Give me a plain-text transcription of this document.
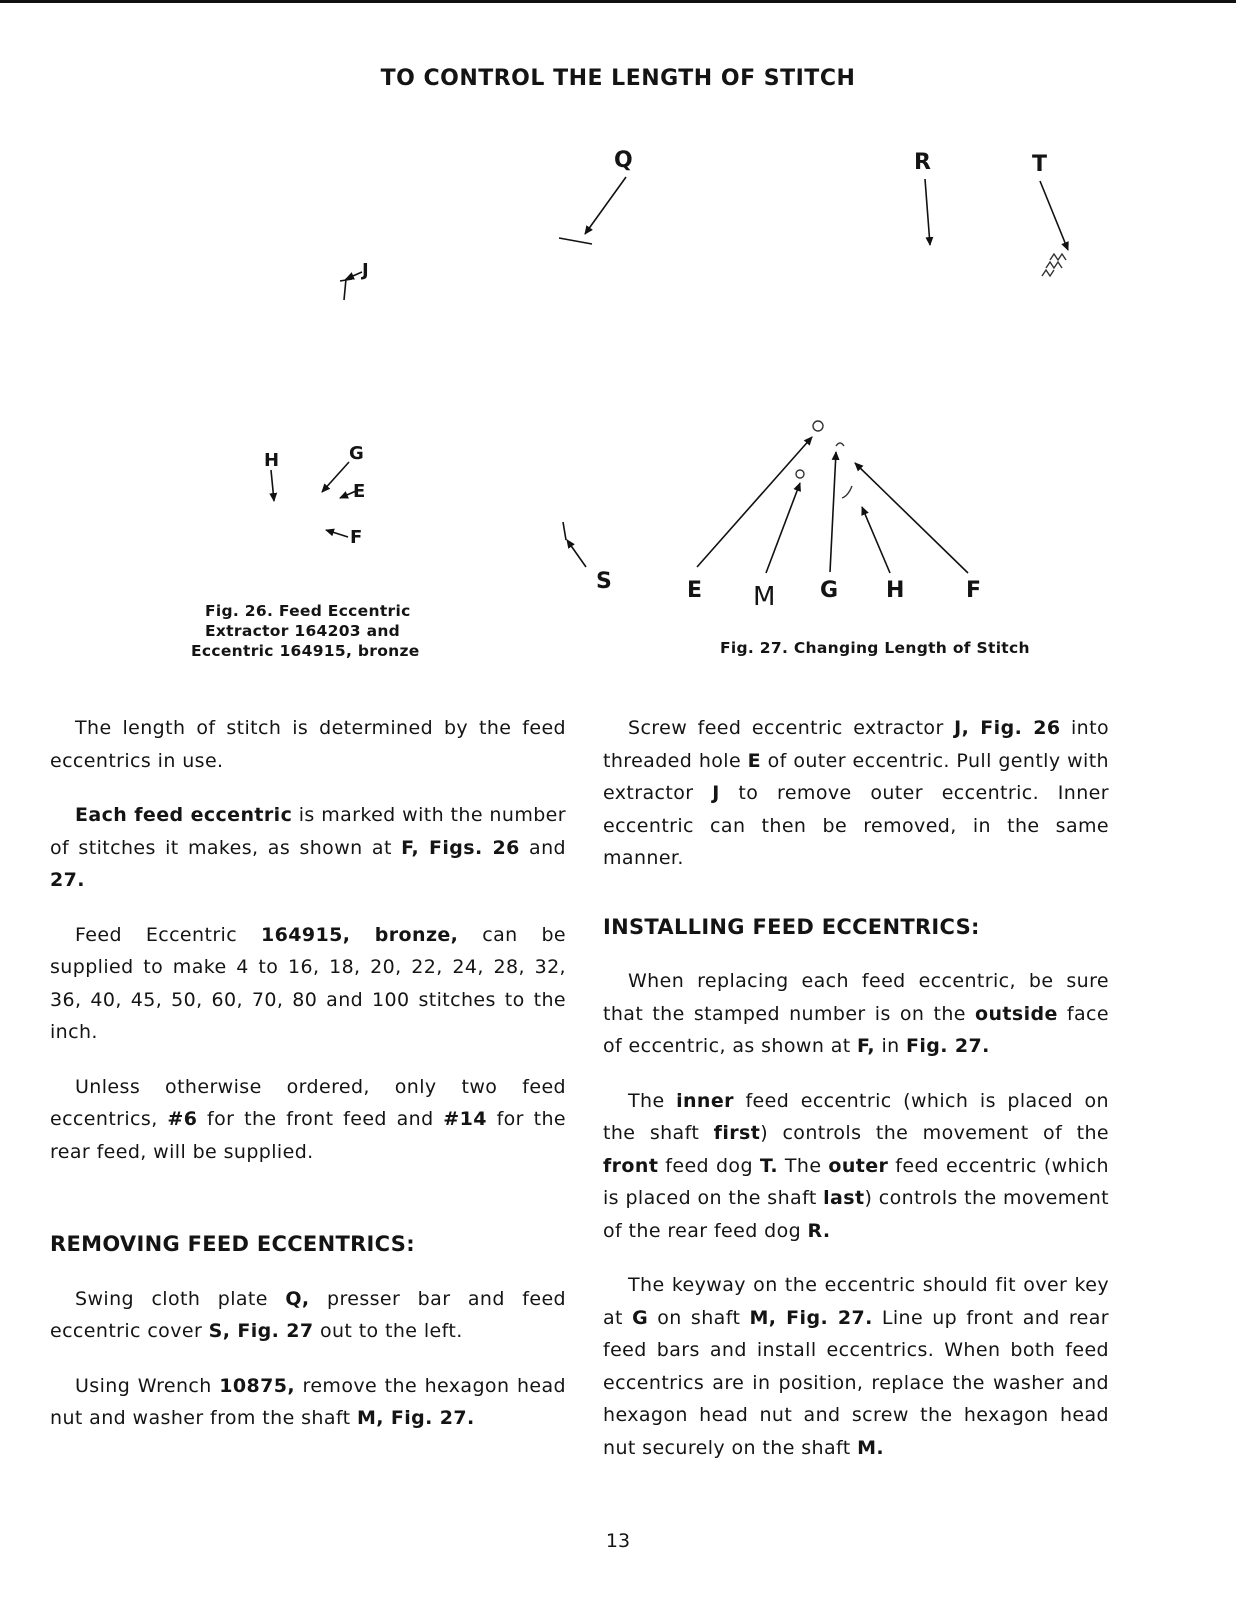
TO CONTROL THE LENGTH OF STITCH
J
H	G
E
F
Fig. 26. Feed Eccentric
Extractor 164203 and
Eccentric 164915, bronze
Q	R	T
S	E M G H	F
Fig. 27. Changing Length of Stitch

The length of stitch is determined by the feed eccentrics in use.

Each feed eccentric is marked with the number of stitches it makes, as shown at F, Figs. 26 and 27.

Feed Eccentric 164915, bronze, can be supplied to make 4 to 16, 18, 20, 22, 24, 28, 32, 36, 40, 45, 50, 60, 70, 80 and 100 stitches to the inch.

Unless otherwise ordered, only two feed eccentrics, #6 for the front feed and #14 for the rear feed, will be supplied.

REMOVING FEED ECCENTRICS:

Swing cloth plate Q, presser bar and feed eccentric cover S, Fig. 27 out to the left.

Using Wrench 10875, remove the hexagon head nut and washer from the shaft M, Fig. 27.

Screw feed eccentric extractor J, Fig. 26 into threaded hole E of outer eccentric. Pull gently with extractor J to remove outer eccentric. Inner eccentric can then be removed, in the same manner.

INSTALLING FEED ECCENTRICS:

When replacing each feed eccentric, be sure that the stamped number is on the outside face of eccentric, as shown at F, in Fig. 27.

The inner feed eccentric (which is placed on the shaft first) controls the movement of the front feed dog T. The outer feed eccentric (which is placed on the shaft last) controls the movement of the rear feed dog R.

The keyway on the eccentric should fit over key at G on shaft M, Fig. 27. Line up front and rear feed bars and install eccentrics. When both feed eccentrics are in position, replace the washer and hexagon head nut and screw the hexagon head nut securely on the shaft M.

13
